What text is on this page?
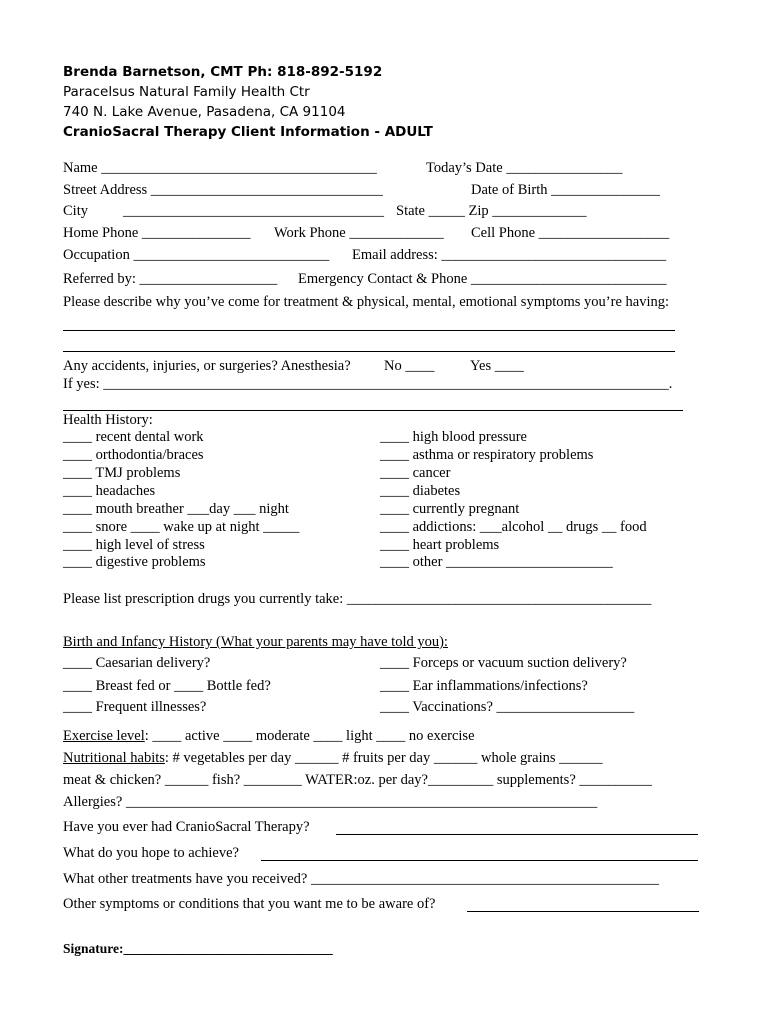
Brenda Barnetson, CMT Ph: 818-892-5192
Paracelsus Natural Family Health Ctr
740 N. Lake Avenue, Pasadena, CA 91104
CranioSacral Therapy Client Information - ADULT
Name ______________________________________	Today’s Date ________________
Street Address ________________________________	Date of Birth _______________
City ____________________________________ State _____ Zip _____________
Home Phone _______________ Work Phone _____________ Cell Phone __________________
Occupation ___________________________ Email address: _______________________________
Referred by: ___________________ Emergency Contact & Phone ___________________________
Please describe why you’ve come for treatment & physical, mental, emotional symptoms you’re having:
Any accidents, injuries, or surgeries? Anesthesia? No ____ Yes ____
If yes: ______________________________________________________________________________.
Health History:
____ recent dental work
____ orthodontia/braces
____ TMJ problems
____ headaches
____ mouth breather ___day ___ night
____ snore ____ wake up at night _____
____ high level of stress
____ digestive problems
____ high blood pressure
____ asthma or respiratory problems
____ cancer
____ diabetes
____ currently pregnant
____ addictions: ___alcohol __ drugs __ food
____ heart problems
____ other _______________________
Please list prescription drugs you currently take: __________________________________________
Birth and Infancy History (What your parents may have told you):
____ Caesarian delivery?
____ Breast fed or ____ Bottle fed?
____ Frequent illnesses?
____ Forceps or vacuum suction delivery?
____ Ear inflammations/infections?
____ Vaccinations? ___________________
Exercise level: ____ active ____ moderate ____ light ____ no exercise
Nutritional habits: # vegetables per day ______ # fruits per day ______ whole grains ______
meat & chicken? ______ fish? ________ WATER:oz. per day?_________ supplements? __________
Allergies? _________________________________________________________________
Have you ever had CranioSacral Therapy?
What do you hope to achieve?
What other treatments have you received? ________________________________________________
Other symptoms or conditions that you want me to be aware of?
Signature:_______________________________
